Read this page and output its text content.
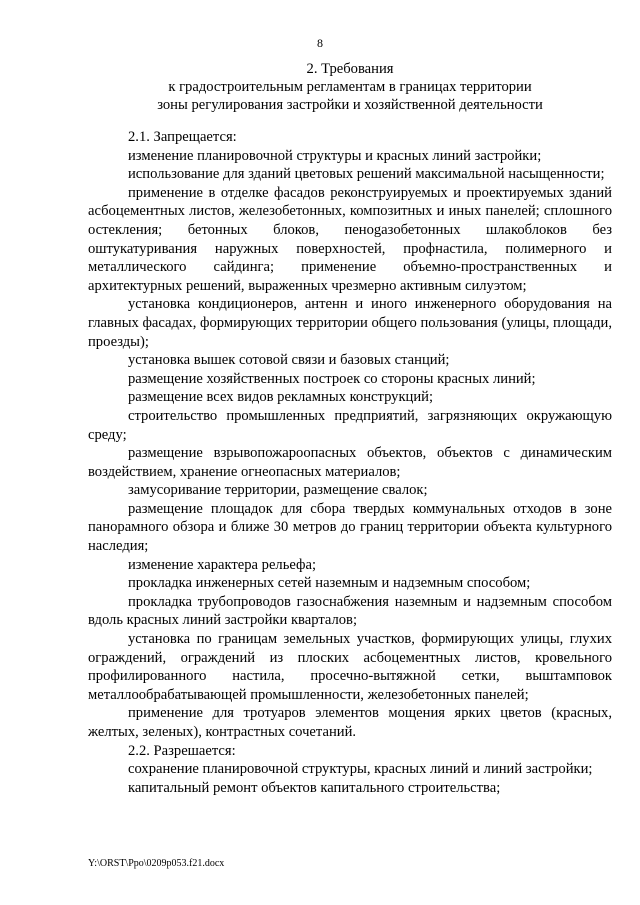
8
2. Требования
к градостроительным регламентам в границах территории
зоны регулирования застройки и хозяйственной деятельности

2.1. Запрещается:

изменение планировочной структуры и красных линий застройки;

использование для зданий цветовых решений максимальной насыщенности;

применение в отделке фасадов реконструируемых и проектируемых зданий асбоцементных листов, железобетонных, композитных и иных панелей; сплошного остекления; бетонных блоков, пенogазобетонных шлакоблоков без оштукатуривания наружных поверхностей, профнастила, полимерного и металлического сайдинга; применение объемно-пространственных и архитектурных решений, выраженных чрезмерно активным силуэтом;

установка кондиционеров, антенн и иного инженерного оборудования на главных фасадах, формирующих территории общего пользования (улицы, площади, проезды);

установка вышек сотовой связи и базовых станций;

размещение хозяйственных построек со стороны красных линий;

размещение всех видов рекламных конструкций;

строительство промышленных предприятий, загрязняющих окружающую среду;

размещение взрывопожароопасных объектов, объектов с динамическим воздействием, хранение огнеопасных материалов;

замусоривание территории, размещение свалок;

размещение площадок для сбора твердых коммунальных отходов в зоне панорамного обзора и ближе 30 метров до границ территории объекта культурного наследия;

изменение характера рельефа;

прокладка инженерных сетей наземным и надземным способом;

прокладка трубопроводов газоснабжения наземным и надземным способом вдоль красных линий застройки кварталов;

установка по границам земельных участков, формирующих улицы, глухих ограждений, ограждений из плоских асбоцементных листов, кровельного профилированного настила, просечно-вытяжной сетки, выштамповок металлообрабатывающей промышленности, железобетонных панелей;

применение для тротуаров элементов мощения ярких цветов (красных, желтых, зеленых), контрастных сочетаний.

2.2. Разрешается:

сохранение планировочной структуры, красных линий и линий застройки;

капитальный ремонт объектов капитального строительства;

Y:\ORST\Ppo\0209p053.f21.docx
